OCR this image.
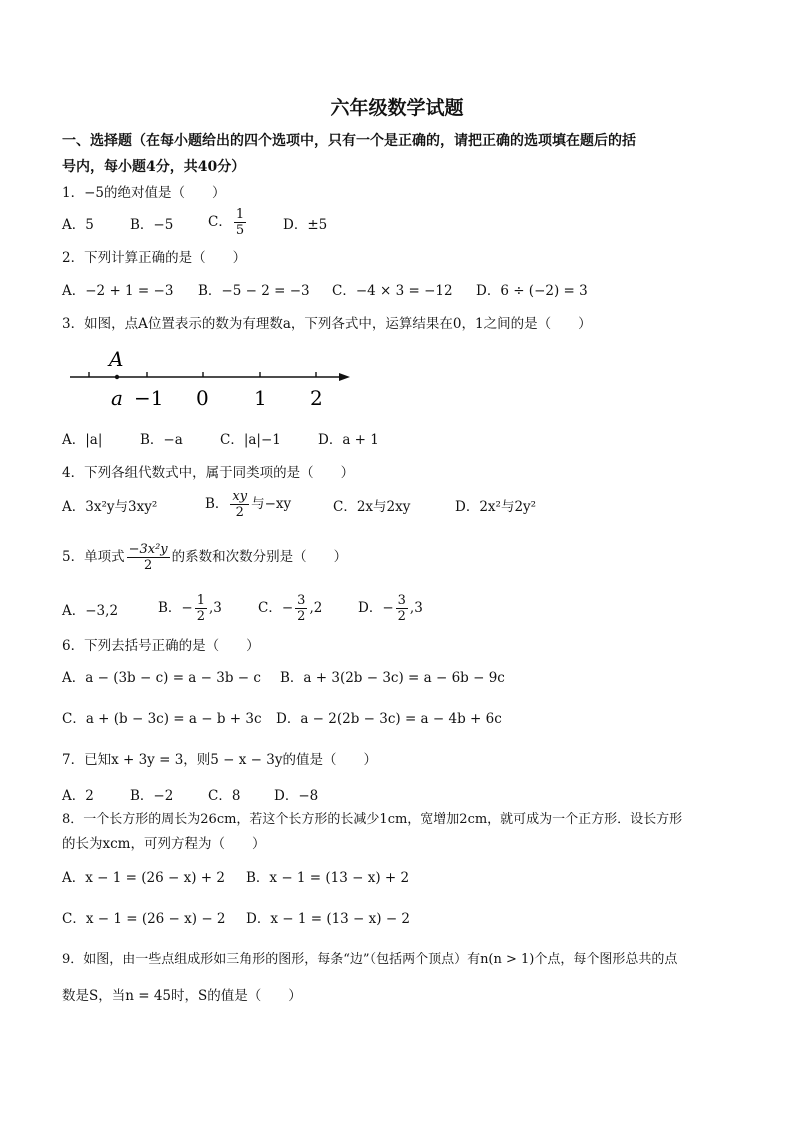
六年级数学试题
一、选择题（在每小题给出的四个选项中，只有一个是正确的，请把正确的选项填在题后的括
号内，每小题4分，共40分）
1．−5的绝对值是（　　）
A．5	B．−5	C． $\frac{1}{5}$	D．±5
2．下列计算正确的是（　　）
A．−2 + 1 = −3 B．−5 − 2 = −3 C．−4 × 3 = −12 D．6 ÷ (−2) = 3
3．如图，点A位置表示的数为有理数a，下列各式中，运算结果在0，1之间的是（　　）
A
a −1 0 1 2
A．|a|	B．−a	C．|a|−1	D．a + 1
4．下列各组代数式中，属于同类项的是（　　）
A．3x²y与3xy²	B． $\frac{xy}{2}$ 与−xy	C．2x与2xy	D．2x²与2y²
5．单项式 $\frac{\text{−3x²y}}{2}$ 的系数和次数分别是（　　）
A．−3,2	B．− $\frac{1}{2} ,3$	C．− $\frac{3}{2} ,2$	D．− $\frac{3}{2} ,3$
6．下列去括号正确的是（　　）
A．a − (3b − c) = a − 3b − c B．a + 3(2b − 3c) = a − 6b − 9c
C．a + (b − 3c) = a − b + 3c D．a − 2(2b − 3c) = a − 4b + 6c
7．已知x + 3y = 3，则5 − x − 3y的值是（　　）
A．2	B．−2	C．8 D．−8
8．一个长方形的周长为26cm，若这个长方形的长减少1cm，宽增加2cm，就可成为一个正方形．设长方形
的长为xcm，可列方程为（　　）
A．x − 1 = (26 − x) + 2 B．x − 1 = (13 − x) + 2
C．x − 1 = (26 − x) − 2 D．x − 1 = (13 − x) − 2
9．如图，由一些点组成形如三角形的图形，每条“边”（包括两个顶点）有n(n > 1)个点，每个图形总共的点
数是S，当n = 45时，S的值是（　　）
